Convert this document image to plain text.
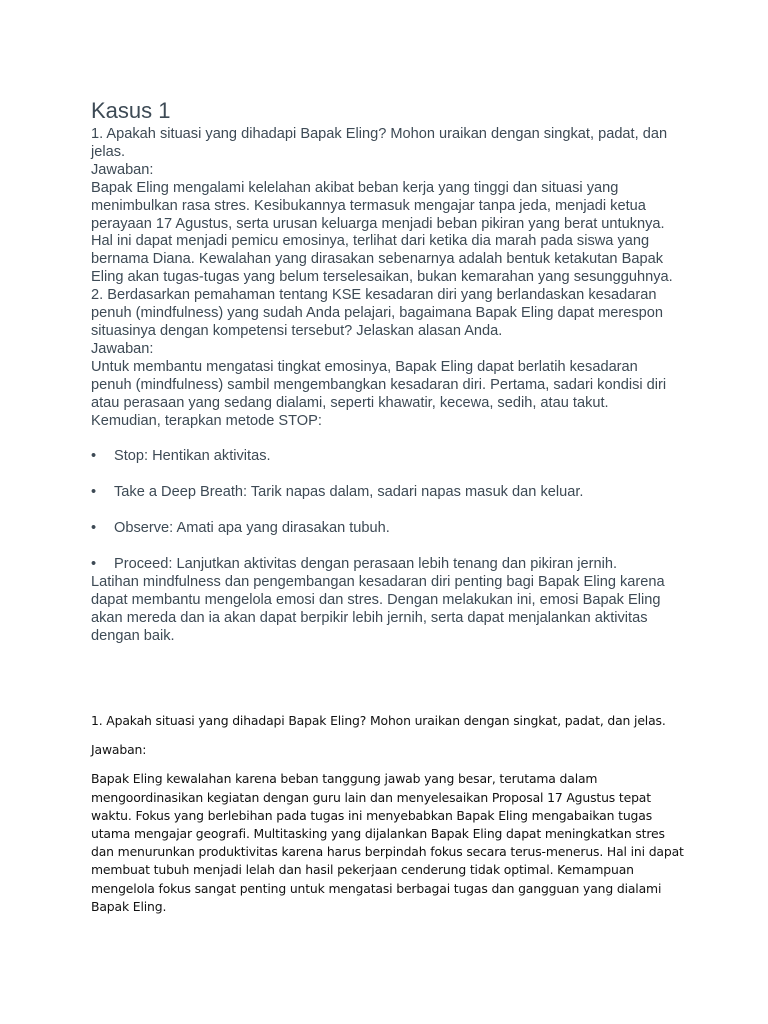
Kasus 1

1. Apakah situasi yang dihadapi Bapak Eling? Mohon uraikan dengan singkat, padat, dan jelas.

Jawaban:

Bapak Eling mengalami kelelahan akibat beban kerja yang tinggi dan situasi yang menimbulkan rasa stres. Kesibukannya termasuk mengajar tanpa jeda, menjadi ketua perayaan 17 Agustus, serta urusan keluarga menjadi beban pikiran yang berat untuknya.

Hal ini dapat menjadi pemicu emosinya, terlihat dari ketika dia marah pada siswa yang bernama Diana. Kewalahan yang dirasakan sebenarnya adalah bentuk ketakutan Bapak Eling akan tugas-tugas yang belum terselesaikan, bukan kemarahan yang sesungguhnya.

2. Berdasarkan pemahaman tentang KSE kesadaran diri yang berlandaskan kesadaran penuh (mindfulness) yang sudah Anda pelajari, bagaimana Bapak Eling dapat merespon situasinya dengan kompetensi tersebut? Jelaskan alasan Anda.

Jawaban:

Untuk membantu mengatasi tingkat emosinya, Bapak Eling dapat berlatih kesadaran penuh (mindfulness) sambil mengembangkan kesadaran diri. Pertama, sadari kondisi diri atau perasaan yang sedang dialami, seperti khawatir, kecewa, sedih, atau takut. Kemudian, terapkan metode STOP:

• Stop: Hentikan aktivitas.
• Take a Deep Breath: Tarik napas dalam, sadari napas masuk dan keluar.
• Observe: Amati apa yang dirasakan tubuh.
• Proceed: Lanjutkan aktivitas dengan perasaan lebih tenang dan pikiran jernih.

Latihan mindfulness dan pengembangan kesadaran diri penting bagi Bapak Eling karena dapat membantu mengelola emosi dan stres. Dengan melakukan ini, emosi Bapak Eling akan mereda dan ia akan dapat berpikir lebih jernih, serta dapat menjalankan aktivitas dengan baik.

1. Apakah situasi yang dihadapi Bapak Eling? Mohon uraikan dengan singkat, padat, dan jelas.

Jawaban:

Bapak Eling kewalahan karena beban tanggung jawab yang besar, terutama dalam mengoordinasikan kegiatan dengan guru lain dan menyelesaikan Proposal 17 Agustus tepat waktu. Fokus yang berlebihan pada tugas ini menyebabkan Bapak Eling mengabaikan tugas utama mengajar geografi. Multitasking yang dijalankan Bapak Eling dapat meningkatkan stres dan menurunkan produktivitas karena harus berpindah fokus secara terus-menerus. Hal ini dapat membuat tubuh menjadi lelah dan hasil pekerjaan cenderung tidak optimal. Kemampuan mengelola fokus sangat penting untuk mengatasi berbagai tugas dan gangguan yang dialami Bapak Eling.
